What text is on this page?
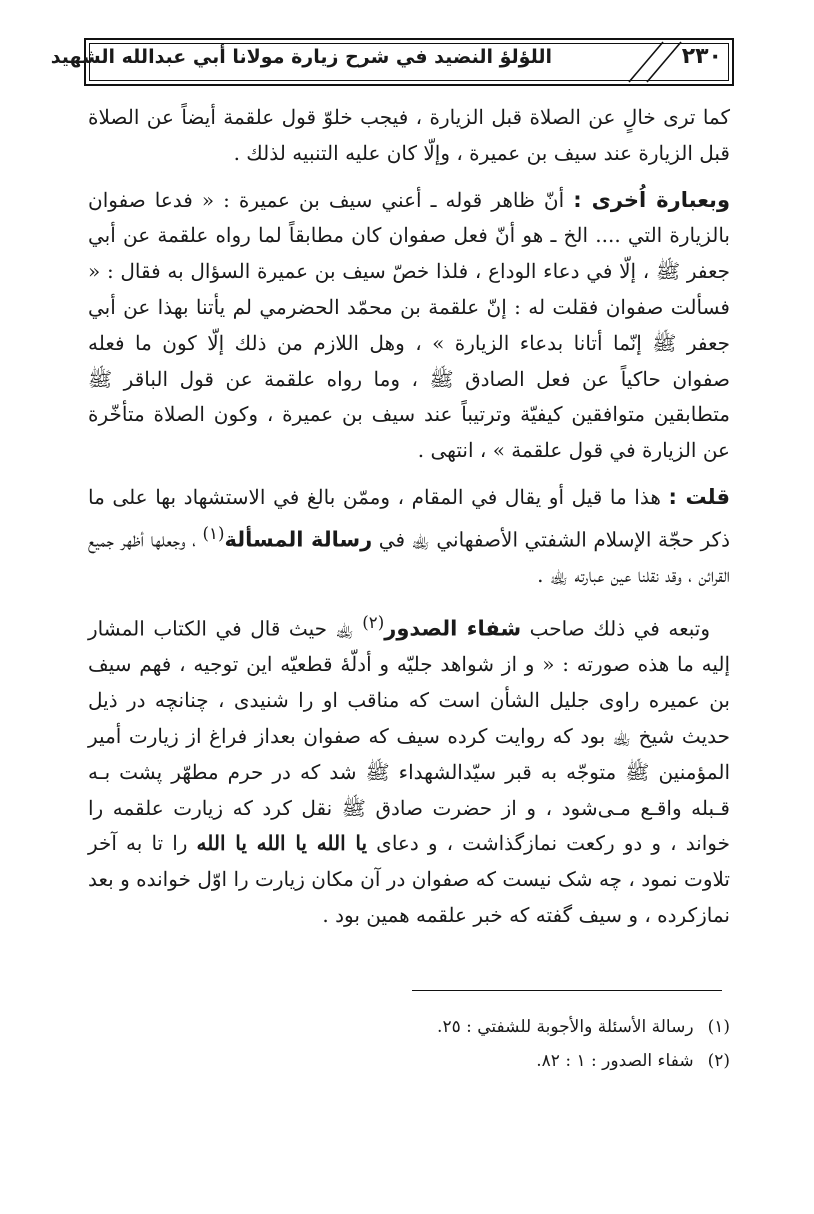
اللؤلؤ النضيد في شرح زيارة مولانا أبي عبدالله الشهيد	٢٣٠

كما ترى خالٍ عن الصلاة قبل الزيارة ، فيجب خلوّ قول علقمة أيضاً عن الصلاة قبل الزيارة عند سيف بن عميرة ، وإلّا كان عليه التنبيه لذلك .

وبعبارة اُخرى : أنّ ظاهر قوله ـ أعني سيف بن عميرة : « فدعا صفوان بالزيارة التي .... الخ ـ هو أنّ فعل صفوان كان مطابقاً لما رواه علقمة عن أبي جعفر ﷺ ، إلّا في دعاء الوداع ، فلذا خصّ سيف بن عميرة السؤال به فقال : « فسألت صفوان فقلت له : إنّ علقمة بن محمّد الحضرمي لم يأتنا بهذا عن أبي جعفر ﷺ إنّما أتانا بدعاء الزيارة » ، وهل اللازم من ذلك إلّا كون ما فعله صفوان حاكياً عن فعل الصادق ﷺ ، وما رواه علقمة عن قول الباقر ﷺ متطابقين متوافقين كيفيّة وترتيباً عند سيف بن عميرة ، وكون الصلاة متأخّرة عن الزيارة في قول علقمة » ، انتهى .

قلت : هذا ما قيل أو يقال في المقام ، وممّن بالغ في الاستشهاد بها على ما ذكر حجّة الإسلام الشفتي الأصفهاني ﵀ في رسالة المسألة$^{(١)}$ ، وجعلها أظهر جميع القرائن ، وقد نقلنا عين عبارته ﵀ .

 وتبعه في ذلك صاحب شفاء الصدور$^{(٢)}$ ﵀ حيث قال في الكتاب المشار إليه ما هذه صورته : « و از شواهد جليّه و أدلّهٔ قطعيّه اين توجيه ، فهم سيف بن عميره راوى جليل الشأن است كه مناقب او را شنيدى ، چنانچه در ذيل حديث شيخ ﵀ بود كه روايت كرده سيف كه صفوان بعداز فراغ از زيارت أمير المؤمنين ﷺ متوجّه به قبر سيّدالشهداء ﷺ شد كه در حرم مطهّر پشت بـه قـبله واقـع مـى‌شود ، و از حضرت صادق ﷺ نقل كرد كه زيارت علقمه را خواند ، و دو ركعت نمازگذاشت ، و دعاى يا الله يا الله يا الله را تا به آخر تلاوت نمود ، چه شک نيست كه صفوان در آن مكان زيارت را اوّل خوانده و بعد نمازكرده ، و سيف گفته كه خبر علقمه همين بود .

(١)رسالة الأسئلة والأجوبة للشفتي : ٢٥.
(٢)شفاء الصدور : ١ : ٨٢.
